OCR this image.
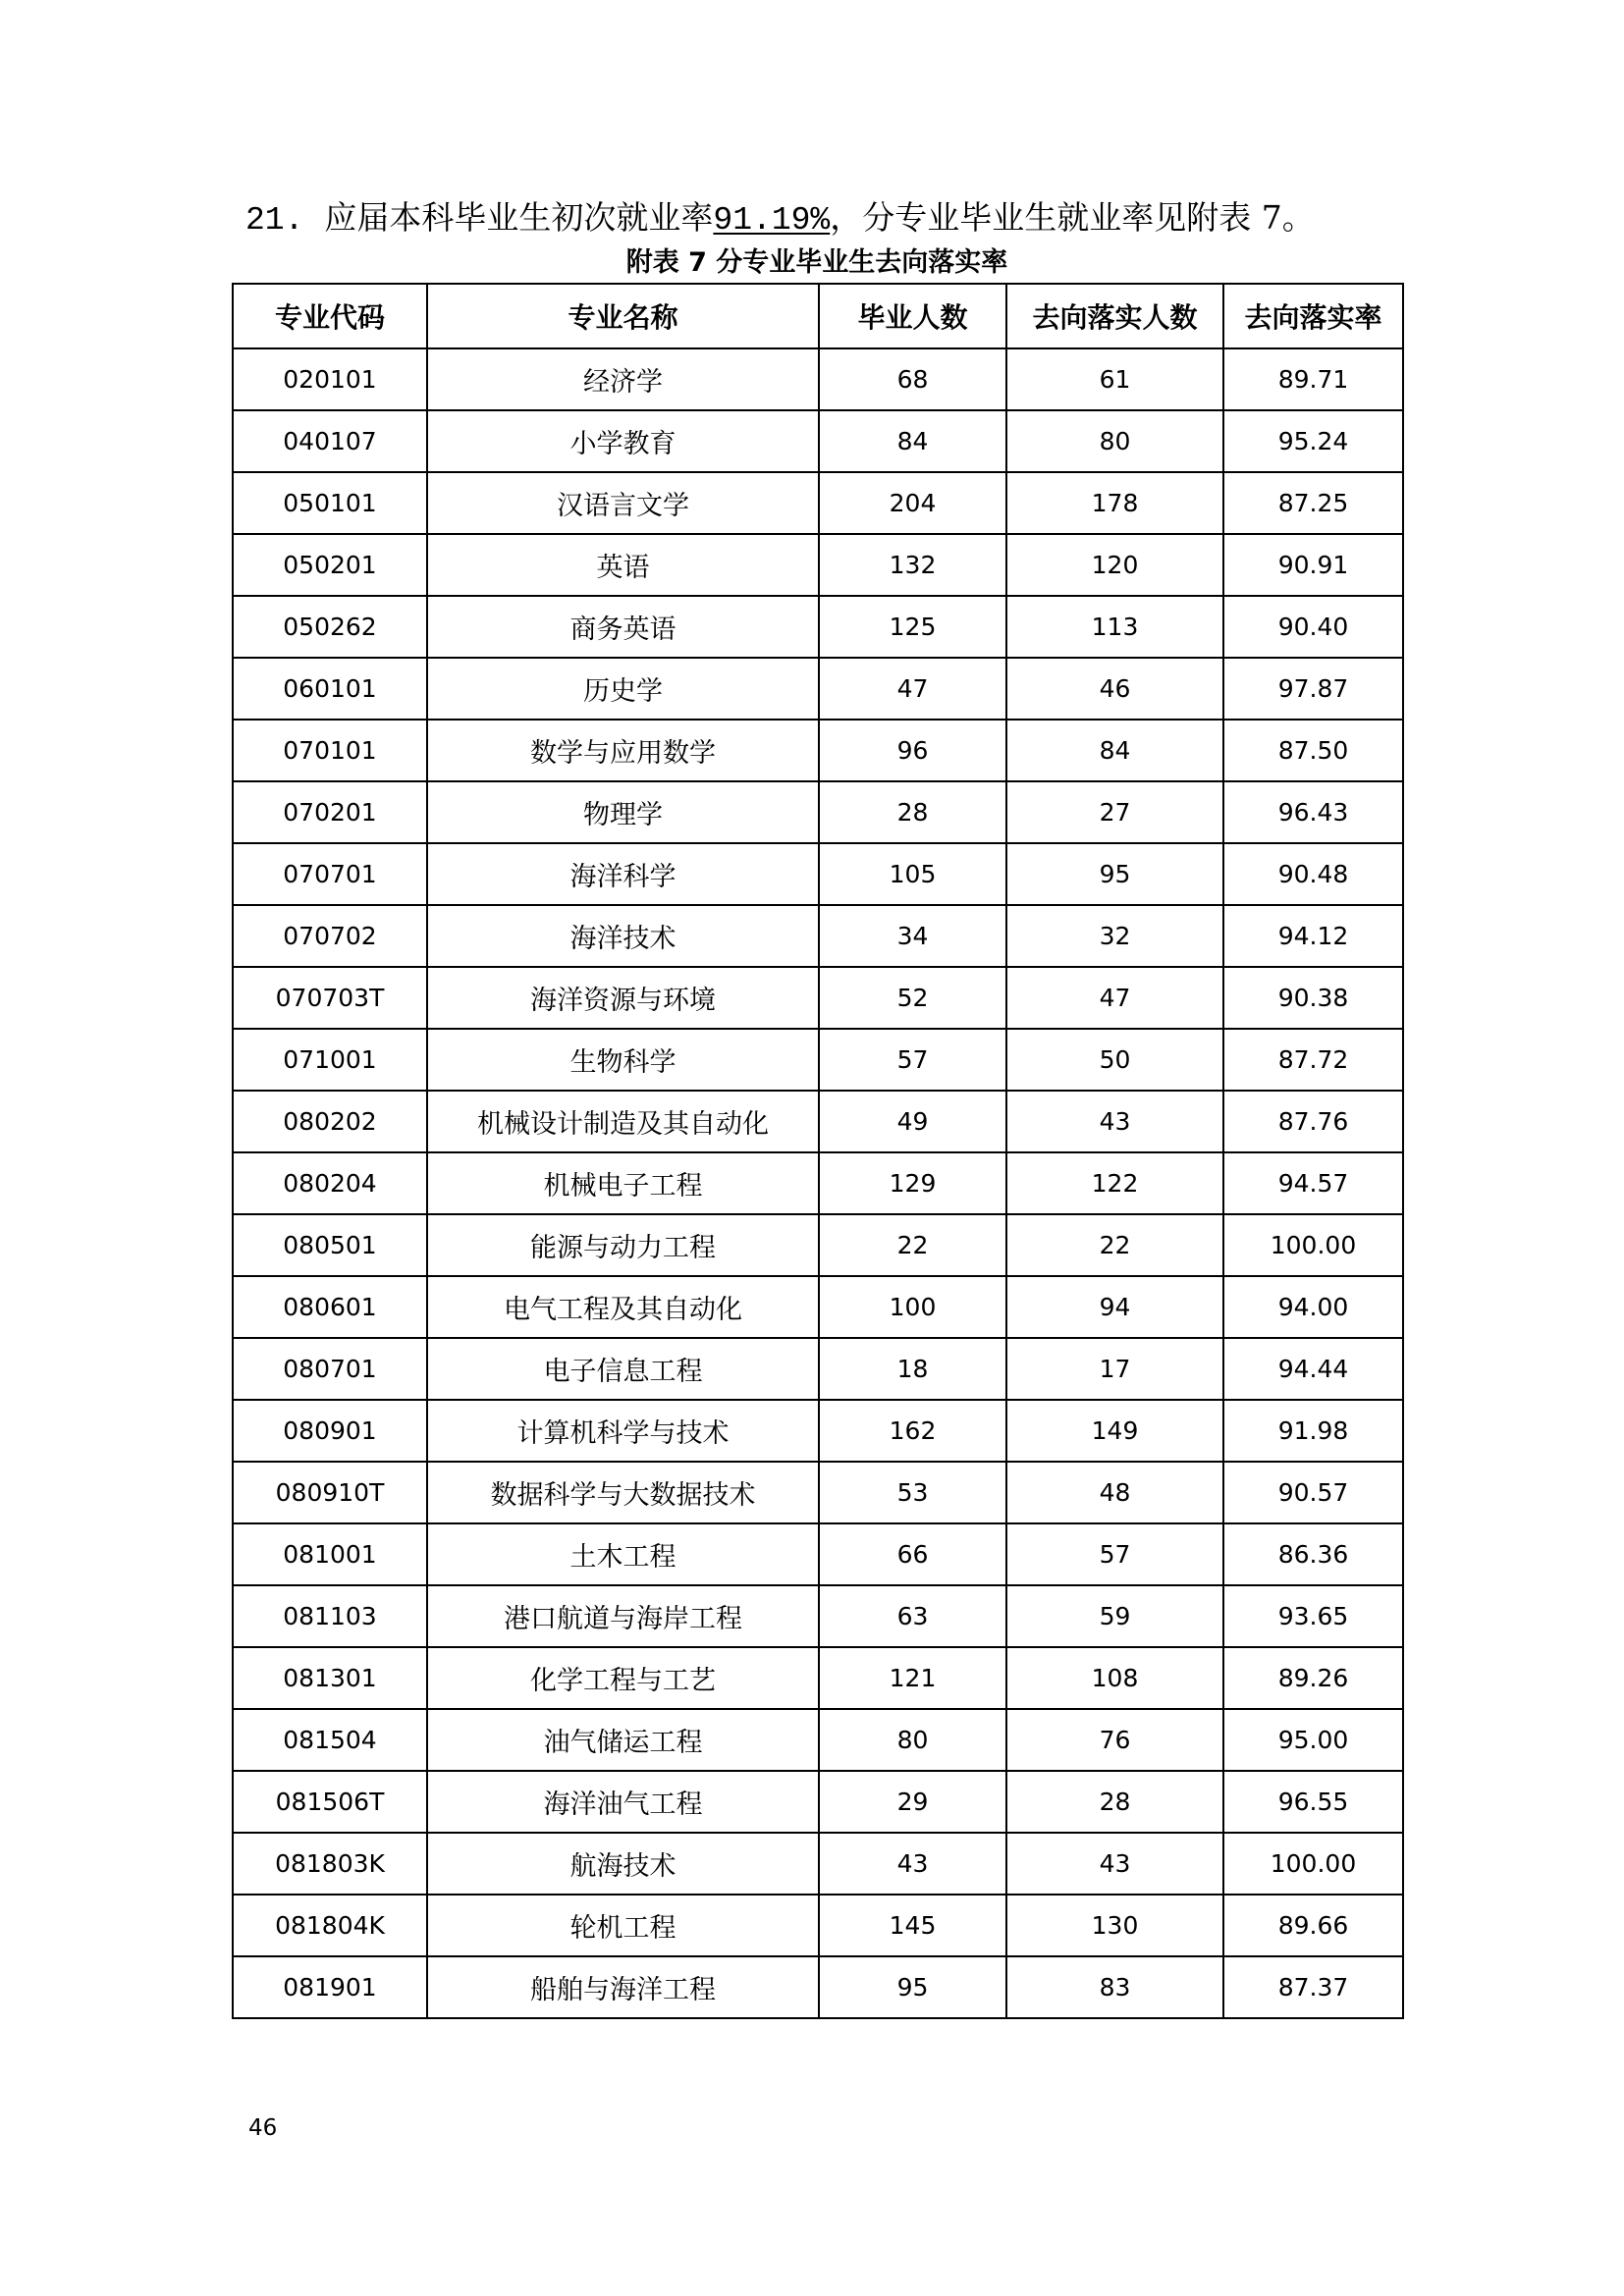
21. 应届本科毕业生初次就业率91.19%，分专业毕业生就业率见附表 7。
附表 7 分专业毕业生去向落实率
专业代码	专业名称	毕业人数	去向落实人数	去向落实率
020101	经济学	68	61	89.71
040107	小学教育	84	80	95.24
050101	汉语言文学	204	178	87.25
050201	英语	132	120	90.91
050262	商务英语	125	113	90.40
060101	历史学	47	46	97.87
070101	数学与应用数学	96	84	87.50
070201	物理学	28	27	96.43
070701	海洋科学	105	95	90.48
070702	海洋技术	34	32	94.12
070703T	海洋资源与环境	52	47	90.38
071001	生物科学	57	50	87.72
080202	机械设计制造及其自动化	49	43	87.76
080204	机械电子工程	129	122	94.57
080501	能源与动力工程	22	22	100.00
080601	电气工程及其自动化	100	94	94.00
080701	电子信息工程	18	17	94.44
080901	计算机科学与技术	162	149	91.98
080910T	数据科学与大数据技术	53	48	90.57
081001	土木工程	66	57	86.36
081103	港口航道与海岸工程	63	59	93.65
081301	化学工程与工艺	121	108	89.26
081504	油气储运工程	80	76	95.00
081506T	海洋油气工程	29	28	96.55
081803K	航海技术	43	43	100.00
081804K	轮机工程	145	130	89.66
081901	船舶与海洋工程	95	83	87.37
46
